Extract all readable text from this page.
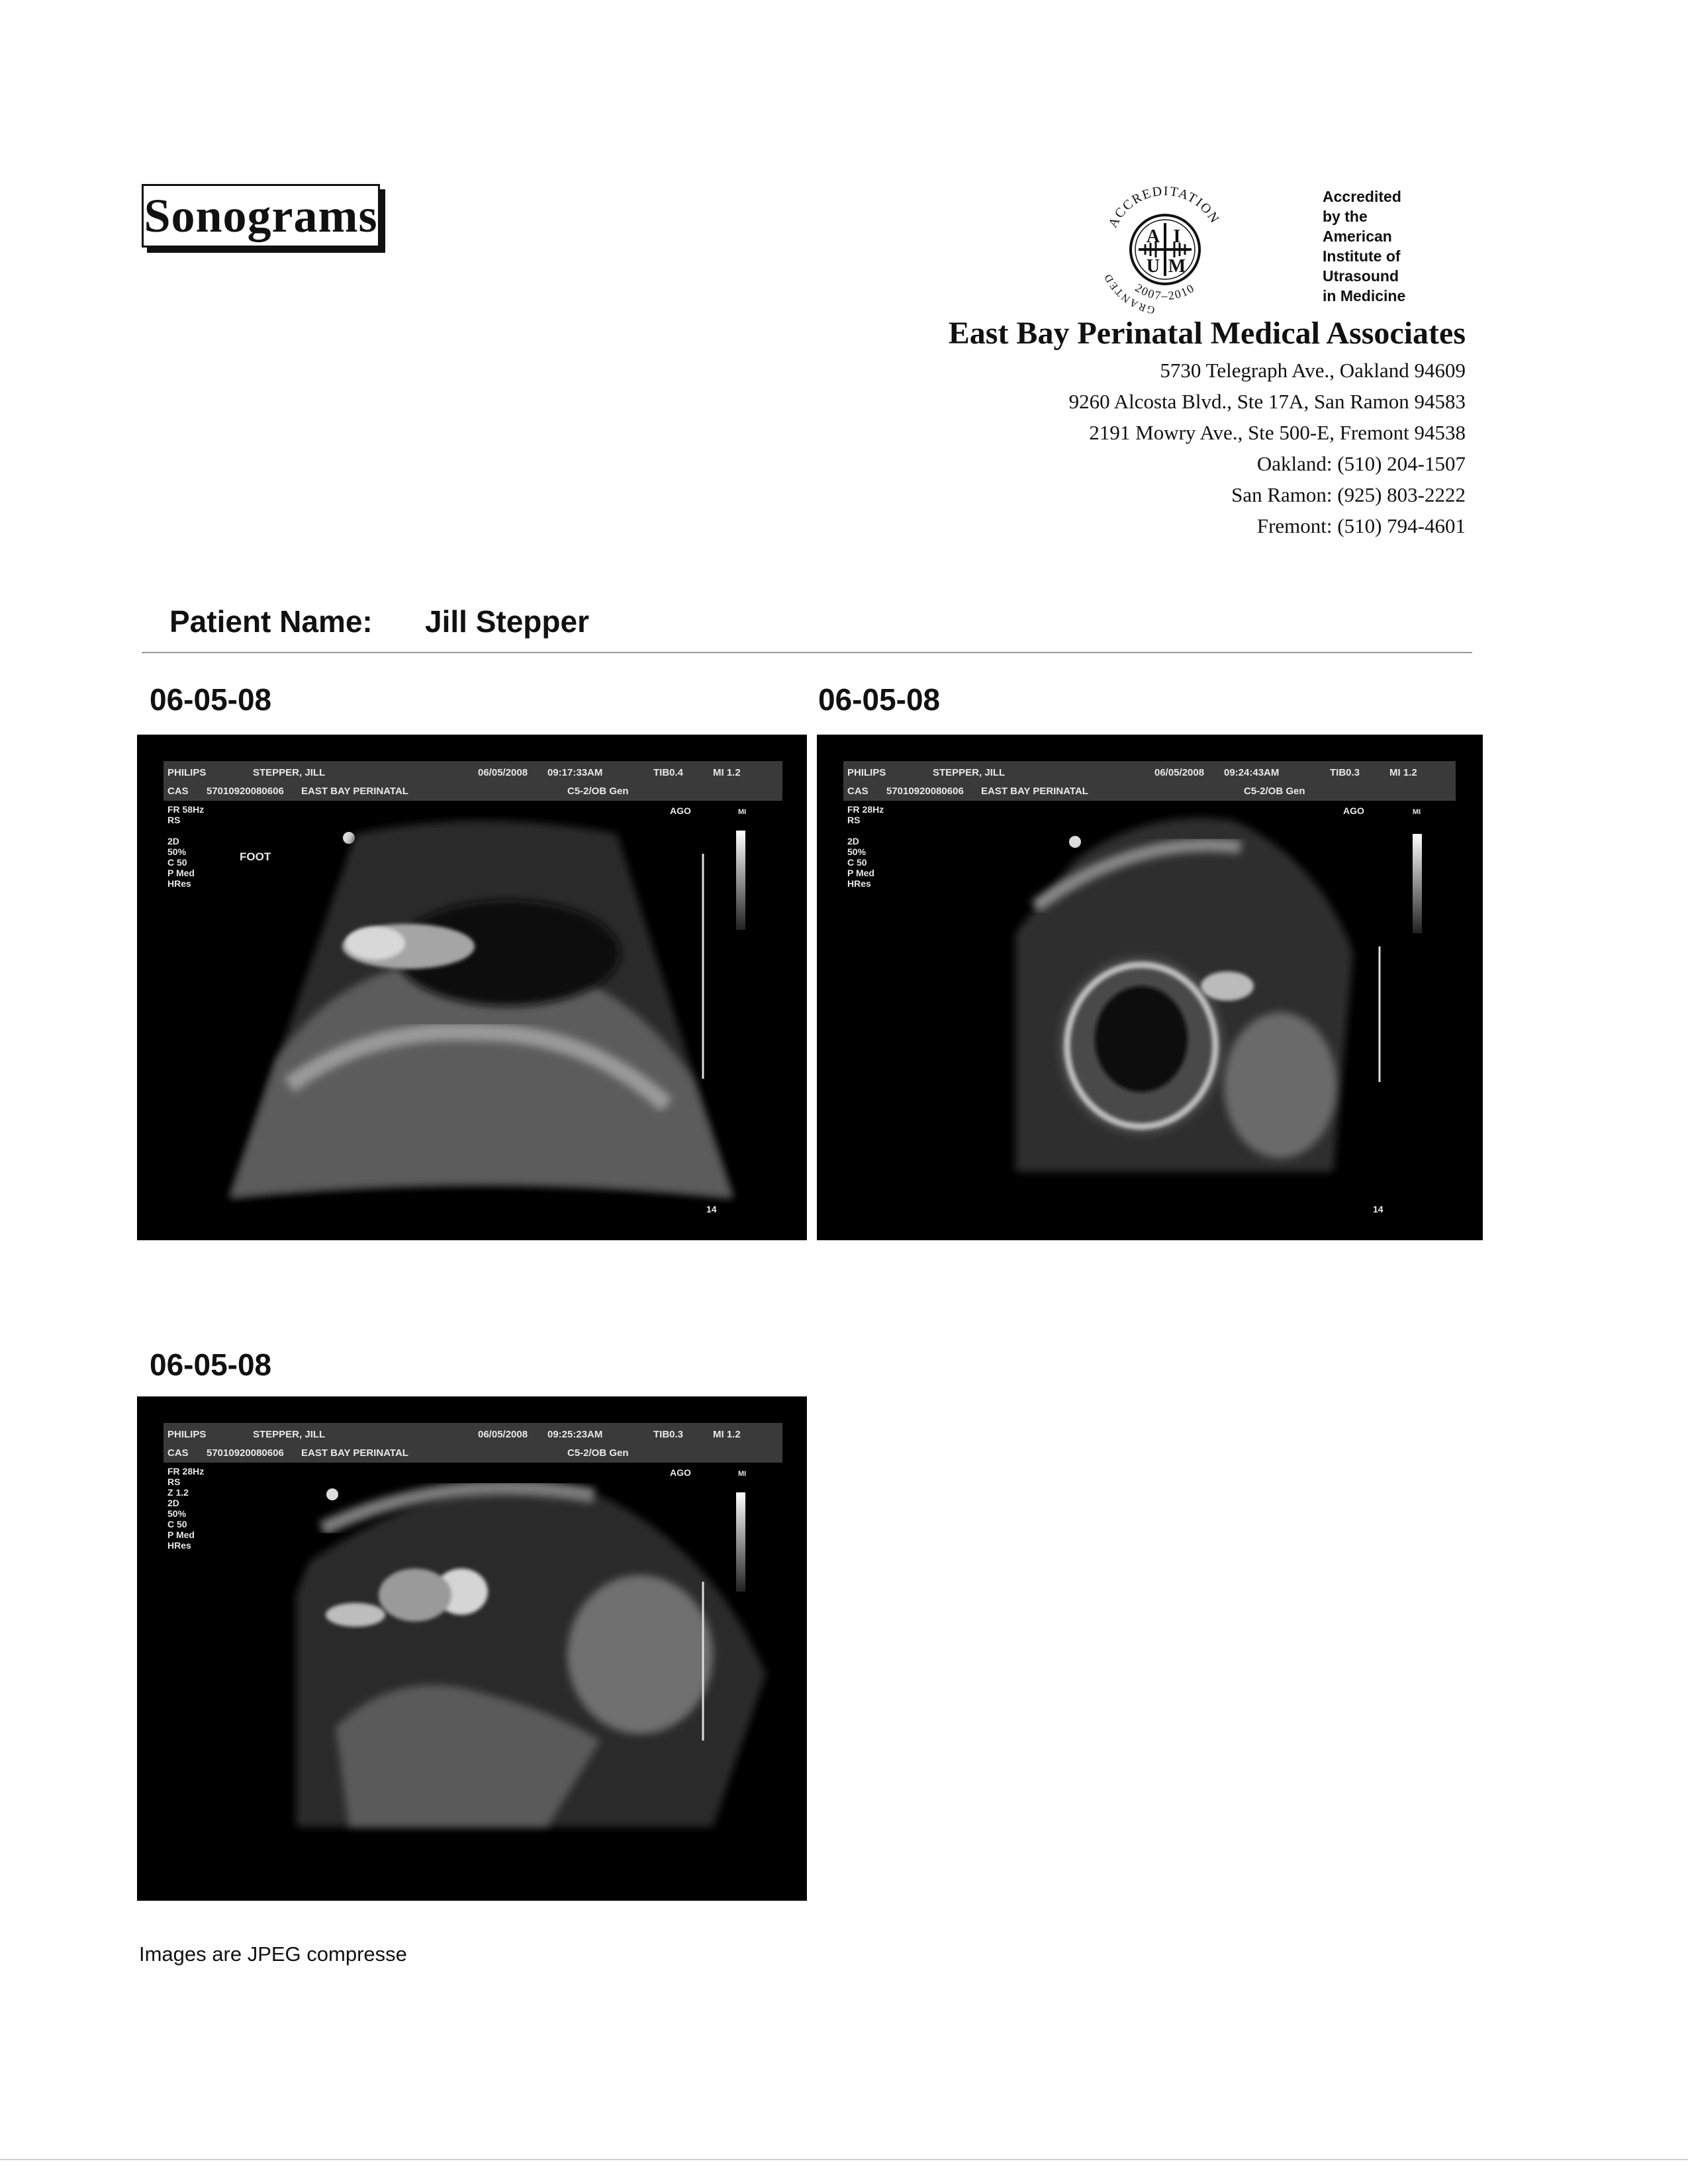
Sonograms	ACCREDITATION
GRANTED
2007–2010
A I
U M
Accredited
by the
American
Institute of
Utrasound
in Medicine
East Bay Perinatal Medical Associates
5730 Telegraph Ave., Oakland 94609
9260 Alcosta Blvd., Ste 17A, San Ramon 94583
2191 Mowry Ave., Ste 500-E, Fremont 94538
Oakland: (510) 204-1507
San Ramon: (925) 803-2222
Fremont: (510) 794-4601
Patient Name: Jill Stepper
06-05-08	06-05-08
06-05-08
PHILIPS	STEPPER, JILL	06/05/2008 09:17:33AM	TIB0.4	MI 1.2
CAS 57010920080606 EAST BAY PERINATAL	C5-2/OB Gen
FR 58Hz
RS
2D
50%
C 50
P Med
HRes
FOOT
AGO	MI
14
PHILIPS	STEPPER, JILL	06/05/2008 09:24:43AM	TIB0.3	MI 1.2
CAS 57010920080606 EAST BAY PERINATAL	C5-2/OB Gen
FR 28Hz
RS
2D
50%
C 50
P Med
HRes
AGO	MI
14
PHILIPS	STEPPER, JILL	06/05/2008 09:25:23AM	TIB0.3	MI 1.2
CAS 57010920080606 EAST BAY PERINATAL	C5-2/OB Gen
FR 28Hz
RS
Z 1.2
2D
50%
C 50
P Med
HRes
AGO	MI
Images are JPEG compresse
